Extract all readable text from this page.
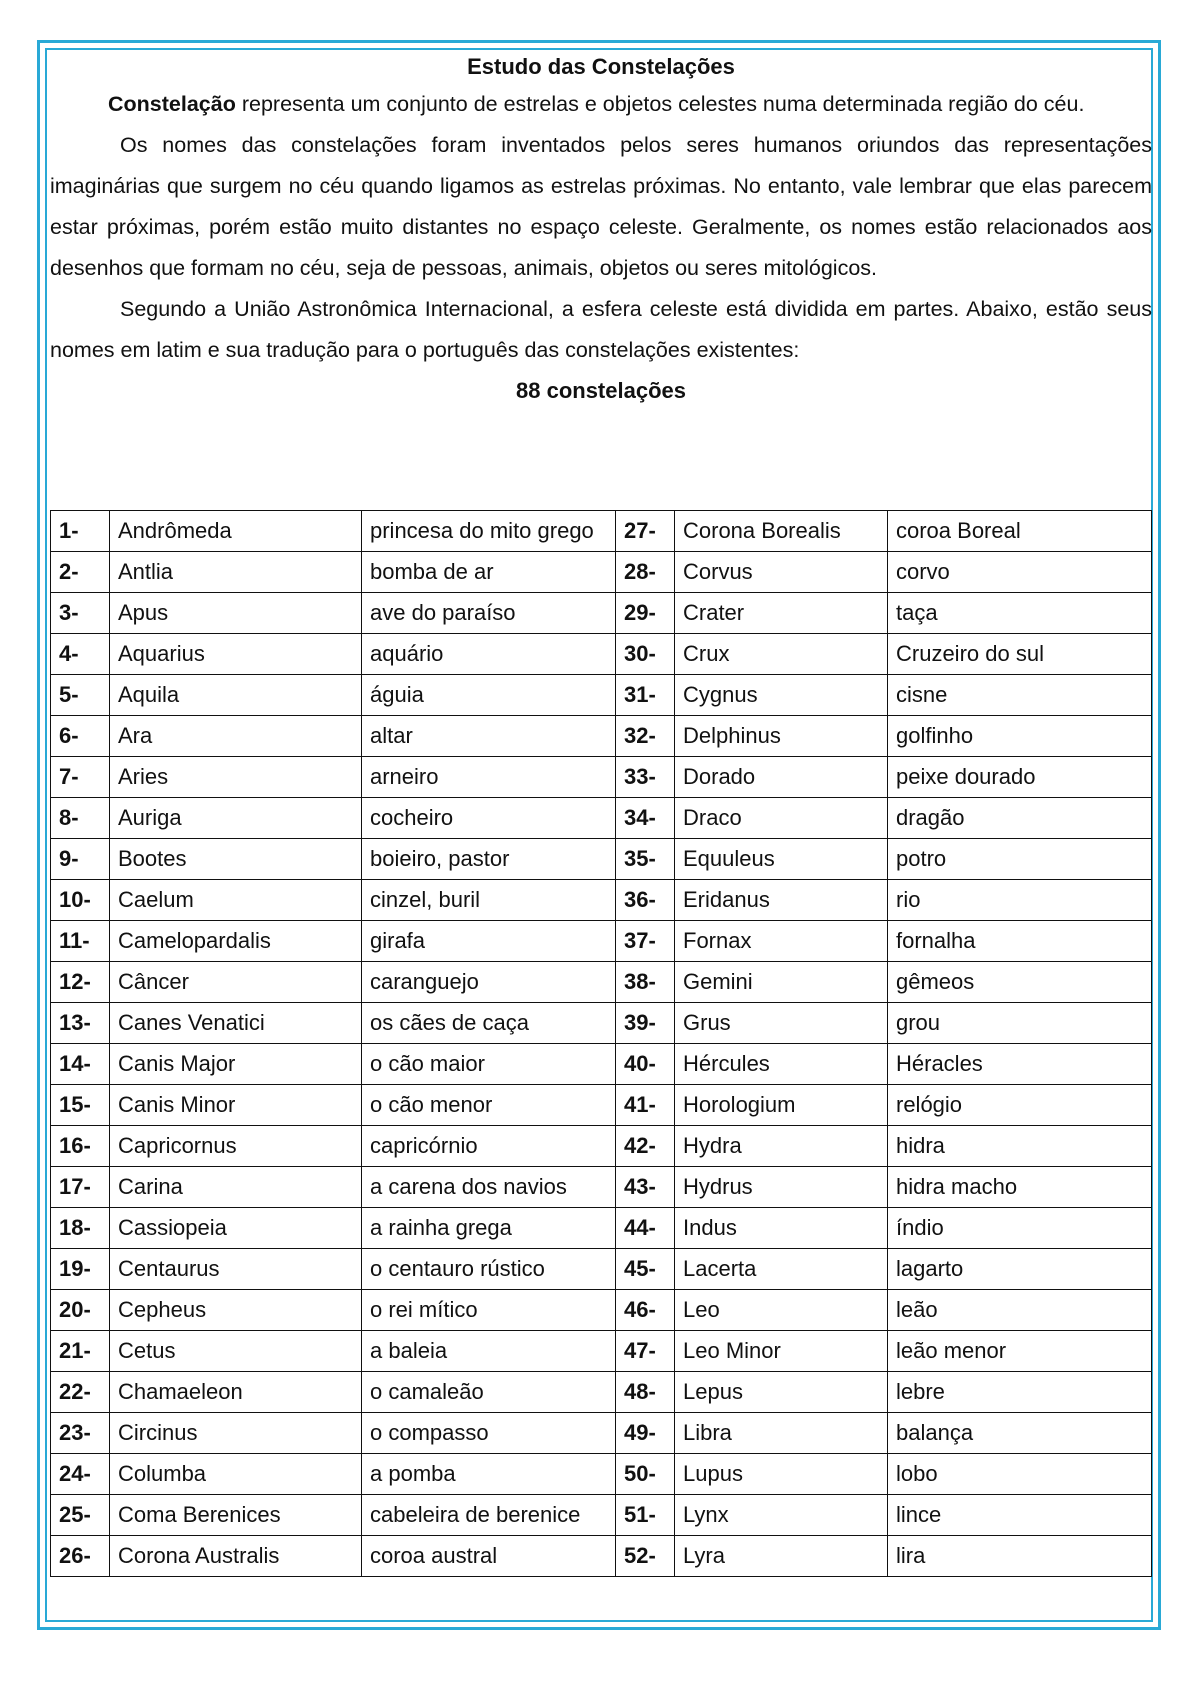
Estudo das Constelações

Constelação representa um conjunto de estrelas e objetos celestes numa determinada região do céu.

Os nomes das constelações foram inventados pelos seres humanos oriundos das representações imaginárias que surgem no céu quando ligamos as estrelas próximas. No entanto, vale lembrar que elas parecem estar próximas, porém estão muito distantes no espaço celeste. Geralmente, os nomes estão relacionados aos desenhos que formam no céu, seja de pessoas, animais, objetos ou seres mitológicos.

Segundo a União Astronômica Internacional, a esfera celeste está dividida em partes. Abaixo, estão seus nomes em latim e sua tradução para o português das constelações existentes:

88 constelações
1-	Andrômeda	princesa do mito grego	27-	Corona Borealis	coroa Boreal
2-	Antlia	bomba de ar	28-	Corvus	corvo
3-	Apus	ave do paraíso	29-	Crater	taça
4-	Aquarius	aquário	30-	Crux	Cruzeiro do sul
5-	Aquila	águia	31-	Cygnus	cisne
6-	Ara	altar	32-	Delphinus	golfinho
7-	Aries	arneiro	33-	Dorado	peixe dourado
8-	Auriga	cocheiro	34-	Draco	dragão
9-	Bootes	boieiro, pastor	35-	Equuleus	potro
10-	Caelum	cinzel, buril	36-	Eridanus	rio
11-	Camelopardalis	girafa	37-	Fornax	fornalha
12-	Câncer	caranguejo	38-	Gemini	gêmeos
13-	Canes Venatici	os cães de caça	39-	Grus	grou
14-	Canis Major	o cão maior	40-	Hércules	Héracles
15-	Canis Minor	o cão menor	41-	Horologium	relógio
16-	Capricornus	capricórnio	42-	Hydra	hidra
17-	Carina	a carena dos navios	43-	Hydrus	hidra macho
18-	Cassiopeia	a rainha grega	44-	Indus	índio
19-	Centaurus	o centauro rústico	45-	Lacerta	lagarto
20-	Cepheus	o rei mítico	46-	Leo	leão
21-	Cetus	a baleia	47-	Leo Minor	leão menor
22-	Chamaeleon	o camaleão	48-	Lepus	lebre
23-	Circinus	o compasso	49-	Libra	balança
24-	Columba	a pomba	50-	Lupus	lobo
25-	Coma Berenices	cabeleira de berenice	51-	Lynx	lince
26-	Corona Australis	coroa austral	52-	Lyra	lira
